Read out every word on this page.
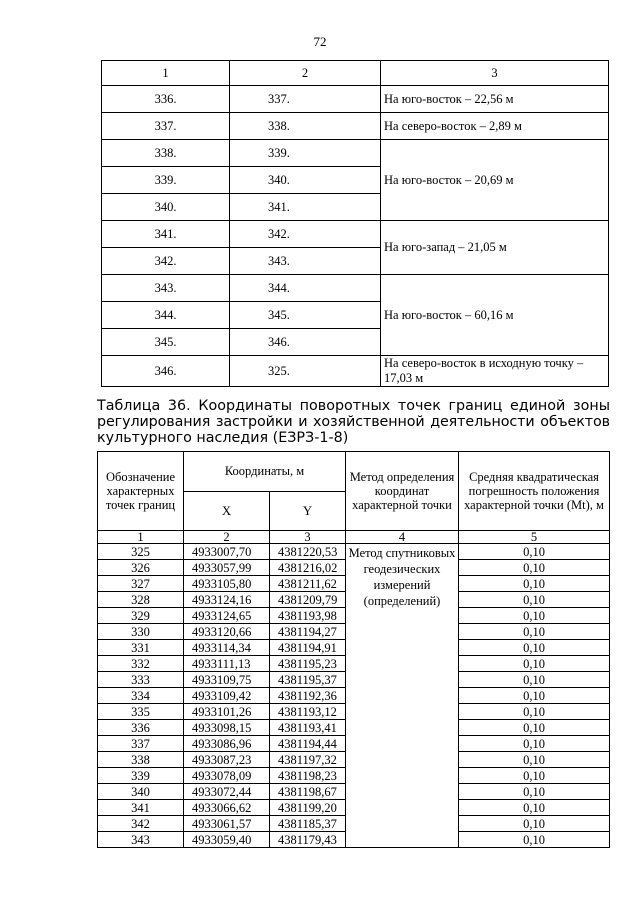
72
1	2	3
336.	337.	На юго-восток – 22,56 м
337.	338.	На северо-восток – 2,89 м
338.	339.	На юго-восток – 20,69 м
339.	340.	
340.	341.	
341.	342.	На юго-запад – 21,05 м
342.	343.	
343.	344.	На юго-восток – 60,16 м
344.	345.	
345.	346.	
346.	325.	На северо-восток в исходную точку – 17,03 м
Таблица 36. Координаты поворотных точек границ единой зоны
регулирования застройки и хозяйственной деятельности объектов
культурного наследия (ЕЗРЗ-1-8)
Обозначение характерных точек границ	Координаты, м		Метод определения координат характерной точки	Средняя квадратическая погрешность положения характерной точки (Mt), м
	X	Y		
1	2	3	4	5
325	4933007,70	4381220,53	Метод спутниковых геодезических измерений (определений)	0,10
326	4933057,99	4381216,02		0,10
327	4933105,80	4381211,62		0,10
328	4933124,16	4381209,79		0,10
329	4933124,65	4381193,98		0,10
330	4933120,66	4381194,27		0,10
331	4933114,34	4381194,91		0,10
332	4933111,13	4381195,23		0,10
333	4933109,75	4381195,37		0,10
334	4933109,42	4381192,36		0,10
335	4933101,26	4381193,12		0,10
336	4933098,15	4381193,41		0,10
337	4933086,96	4381194,44		0,10
338	4933087,23	4381197,32		0,10
339	4933078,09	4381198,23		0,10
340	4933072,44	4381198,67		0,10
341	4933066,62	4381199,20		0,10
342	4933061,57	4381185,37		0,10
343	4933059,40	4381179,43		0,10
